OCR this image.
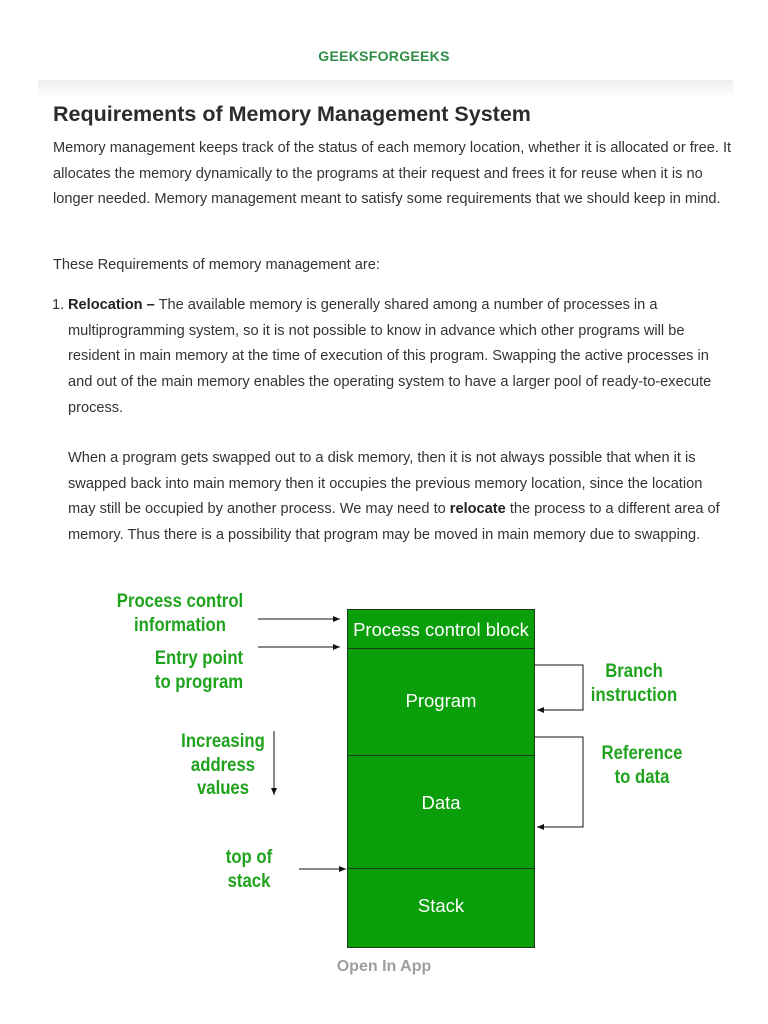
GEEKSFORGEEKS
Requirements of Memory Management System

Memory management keeps track of the status of each memory location, whether it is allocated or free. It allocates the memory dynamically to the programs at their request and frees it for reuse when it is no longer needed. Memory management meant to satisfy some requirements that we should keep in mind.

These Requirements of memory management are:

1. Relocation – The available memory is generally shared among a number of processes in a multiprogramming system, so it is not possible to know in advance which other programs will be resident in main memory at the time of execution of this program. Swapping the active processes in and out of the main memory enables the operating system to have a larger pool of ready-to-execute process.

When a program gets swapped out to a disk memory, then it is not always possible that when it is swapped back into main memory then it occupies the previous memory location, since the location may still be occupied by another process. We may need to relocate the process to a different area of memory. Thus there is a possibility that program may be moved in main memory due to swapping.

Process control block
Program
Data
Stack
Process control
information
Entry point
to program
Increasing
address
values
top of
stack
Branch
instruction
Reference
to data
Open In App
